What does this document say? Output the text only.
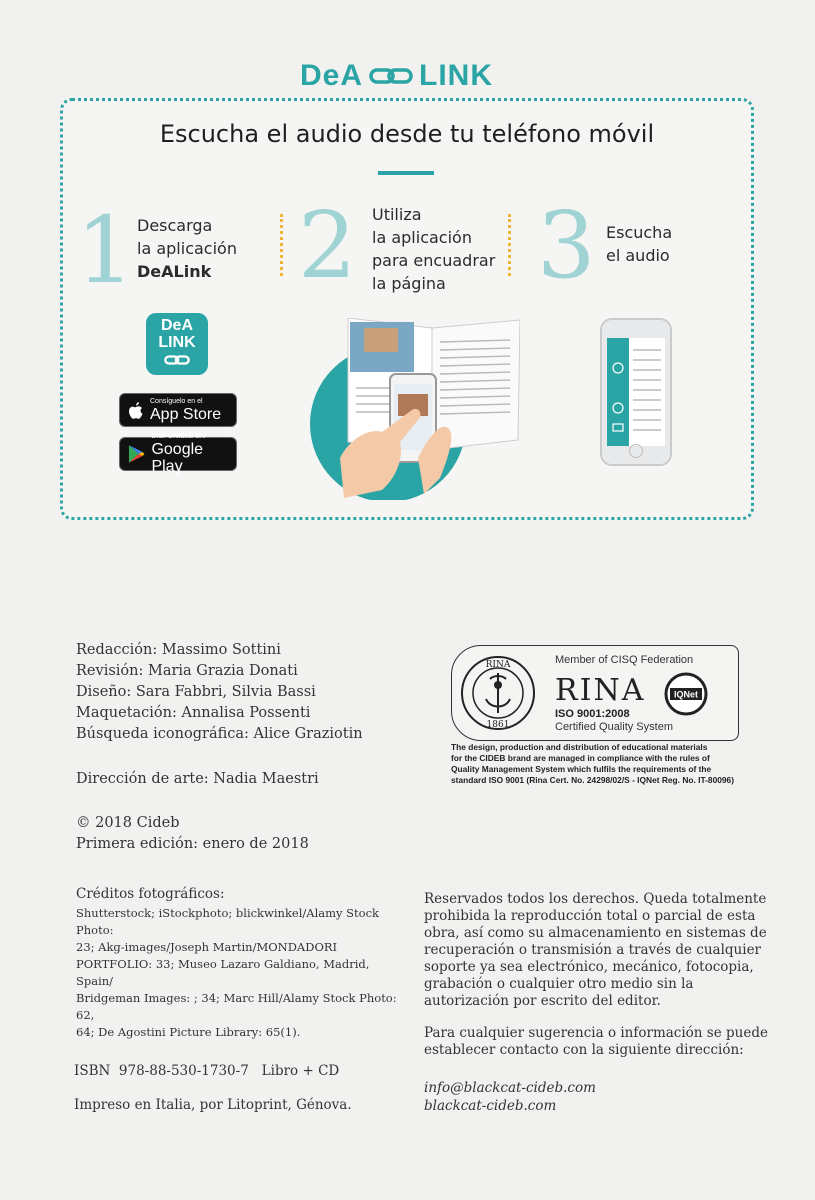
DeA LINK
Escucha el audio desde tu teléfono móvil
1 Descarga
la aplicación
DeALink 2 Utiliza
la aplicación
para encuadrar
la página 3 Escucha
el audio
DeA
LINK
Consíguelo en el
App Store
DISPONIBLE EN
Google Play
Redacción: Massimo Sottini
Revisión: Maria Grazia Donati
Diseño: Sara Fabbri, Silvia Bassi
Maquetación: Annalisa Possenti
Búsqueda iconográfica: Alice Graziotin
Dirección de arte: Nadia Maestri
© 2018 Cideb
Primera edición: enero de 2018
Créditos fotográficos:
Shutterstock; iStockphoto; blickwinkel/Alamy Stock Photo:
23; Akg-images/Joseph Martin/MONDADORI
PORTFOLIO: 33; Museo Lazaro Galdiano, Madrid, Spain/
Bridgeman Images: ; 34; Marc Hill/Alamy Stock Photo: 62,
64; De Agostini Picture Library: 65(1).
ISBN  978-88-530-1730-7   Libro + CD
Impreso en Italia, por Litoprint, Génova.
RINA
1861
Member of CISQ Federation
RINA
ISO 9001:2008
Certified Quality System
IQNet
The design, production and distribution of educational materials
for the CIDEB brand are managed in compliance with the rules of
Quality Management System which fulfils the requirements of the
standard ISO 9001 (Rina Cert. No. 24298/02/S - IQNet Reg. No. IT-80096)
Reservados todos los derechos. Queda totalmente
prohibida la reproducción total o parcial de esta
obra, así como su almacenamiento en sistemas de
recuperación o transmisión a través de cualquier
soporte ya sea electrónico, mecánico, fotocopia,
grabación o cualquier otro medio sin la
autorización por escrito del editor.
Para cualquier sugerencia o información se puede
establecer contacto con la siguiente dirección:
info@blackcat-cideb.com
blackcat-cideb.com
